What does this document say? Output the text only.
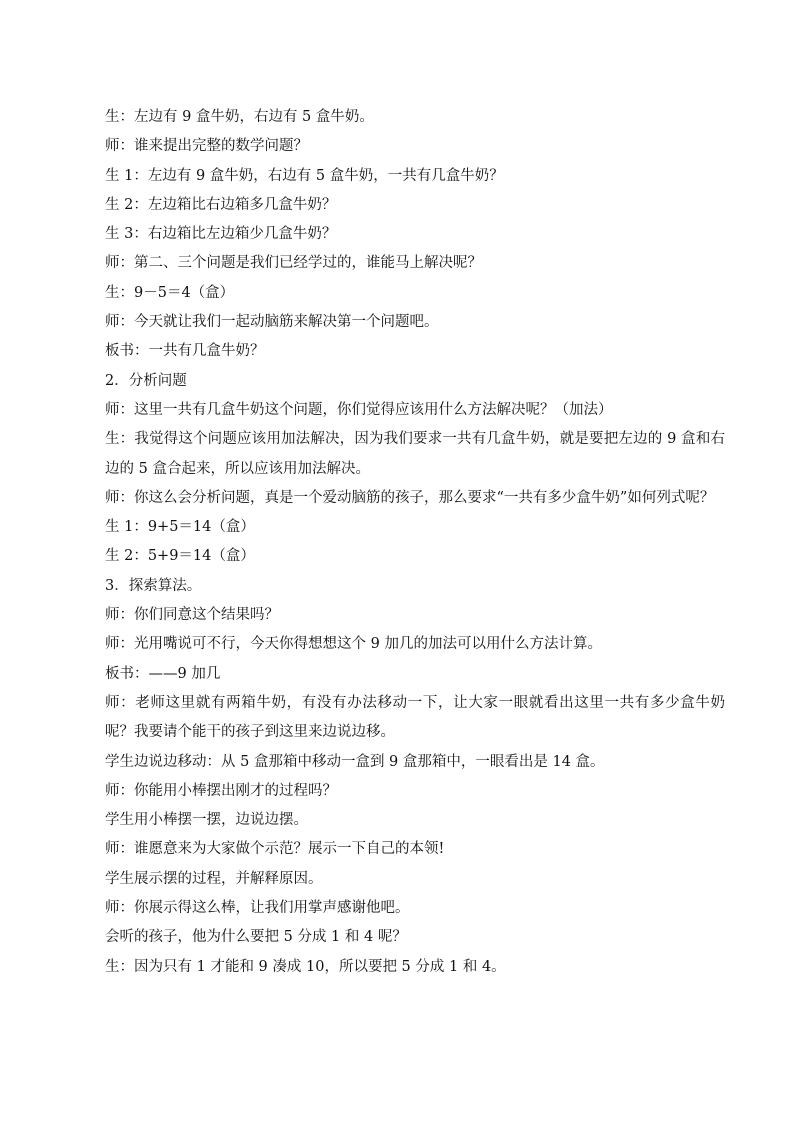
生：左边有 9 盒牛奶，右边有 5 盒牛奶。

师：谁来提出完整的数学问题？

生 1：左边有 9 盒牛奶，右边有 5 盒牛奶，一共有几盒牛奶？

生 2：左边箱比右边箱多几盒牛奶？

生 3：右边箱比左边箱少几盒牛奶？

师：第二、三个问题是我们已经学过的，谁能马上解决呢？

生：9－5＝4（盒）

师：今天就让我们一起动脑筋来解决第一个问题吧。

板书：一共有几盒牛奶？

2．分析问题

师：这里一共有几盒牛奶这个问题，你们觉得应该用什么方法解决呢？（加法）

生：我觉得这个问题应该用加法解决，因为我们要求一共有几盒牛奶，就是要把左边的 9 盒和右边的 5 盒合起来，所以应该用加法解决。

师：你这么会分析问题，真是一个爱动脑筋的孩子，那么要求“一共有多少盒牛奶”如何列式呢？

生 1：9+5＝14（盒）

生 2：5+9＝14（盒）

3．探索算法。

师：你们同意这个结果吗？

师：光用嘴说可不行，今天你得想想这个 9 加几的加法可以用什么方法计算。

板书：——9 加几

师：老师这里就有两箱牛奶，有没有办法移动一下，让大家一眼就看出这里一共有多少盒牛奶呢？我要请个能干的孩子到这里来边说边移。

学生边说边移动：从 5 盒那箱中移动一盒到 9 盒那箱中，一眼看出是 14 盒。

师：你能用小棒摆出刚才的过程吗？

学生用小棒摆一摆，边说边摆。

师：谁愿意来为大家做个示范？展示一下自己的本领!

学生展示摆的过程，并解释原因。

师：你展示得这么棒，让我们用掌声感谢他吧。

会听的孩子，他为什么要把 5 分成 1 和 4 呢？

生：因为只有 1 才能和 9 凑成 10，所以要把 5 分成 1 和 4。
